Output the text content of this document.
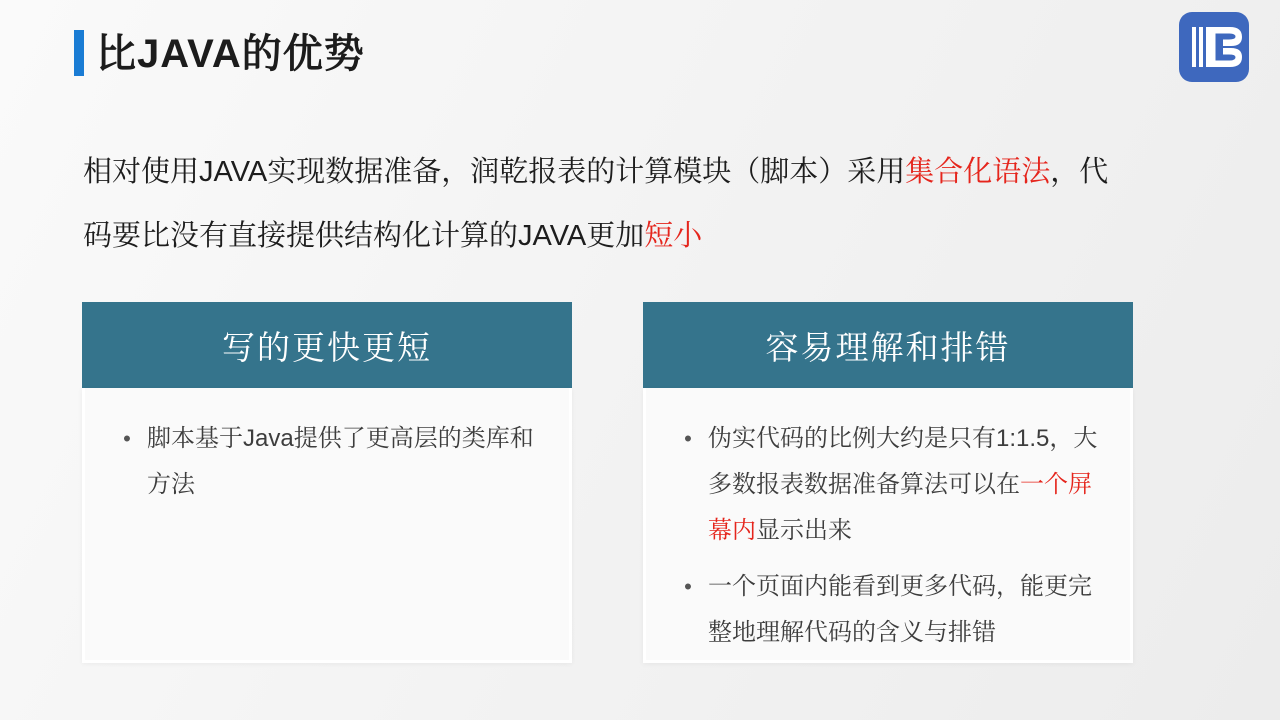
比JAVA的优势

相对使用JAVA实现数据准备，润乾报表的计算模块（脚本）采用集合化语法，代
码要比没有直接提供结构化计算的JAVA更加短小

写的更快更短
• 脚本基于Java提供了更高层的类库和方法

容易理解和排错
• 伪实代码的比例大约是只有1:1.5，大多数报表数据准备算法可以在一个屏幕内显示出来

• 一个页面内能看到更多代码，能更完整地理解代码的含义与排错
